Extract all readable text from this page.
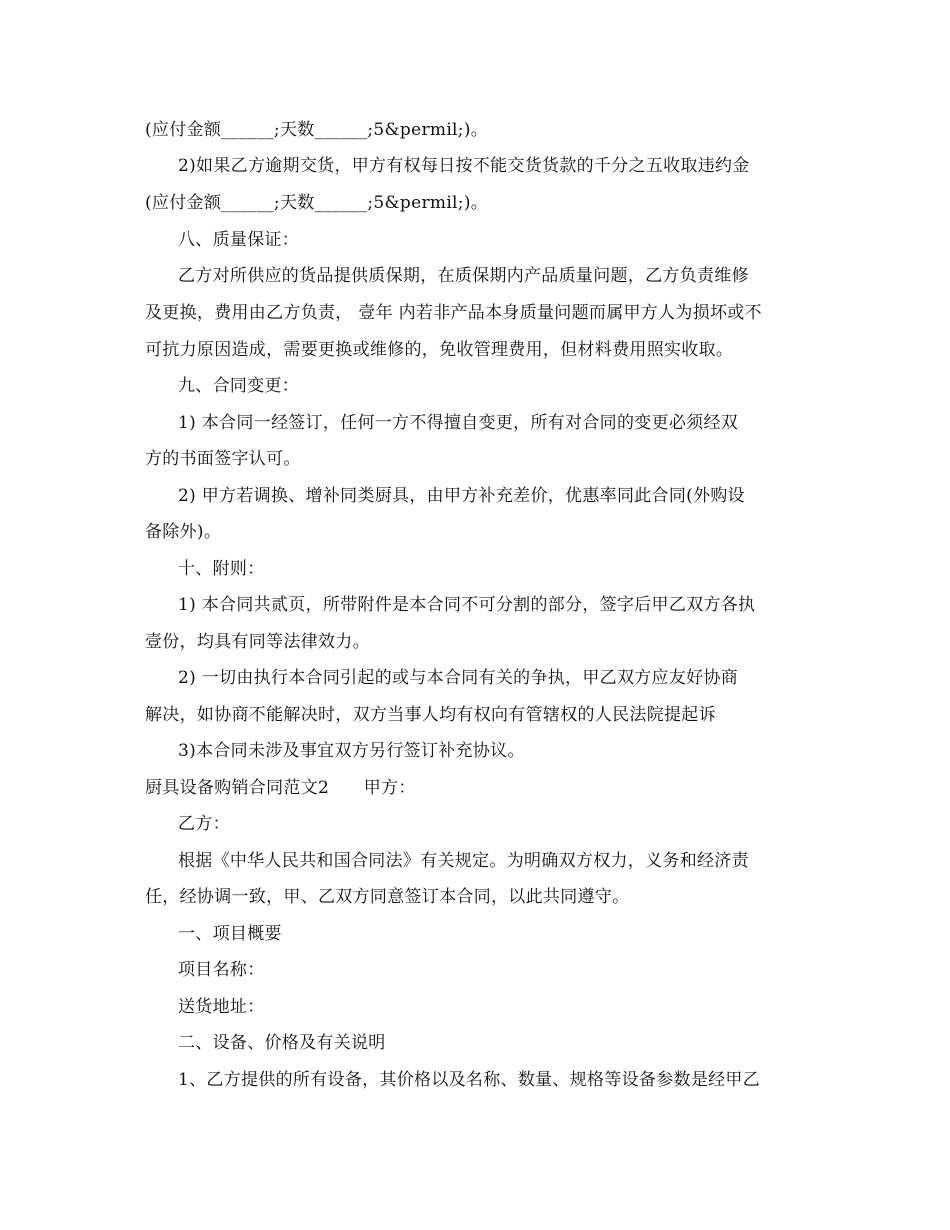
(应付金额______;天数______;5&permil;)。
2)如果乙方逾期交货，甲方有权每日按不能交货货款的千分之五收取违约金
(应付金额______;天数______;5&permil;)。
八、质量保证：
乙方对所供应的货品提供质保期，在质保期内产品质量问题，乙方负责维修
及更换，费用由乙方负责， 壹年 内若非产品本身质量问题而属甲方人为损坏或不
可抗力原因造成，需要更换或维修的，免收管理费用，但材料费用照实收取。
九、合同变更：
1) 本合同一经签订，任何一方不得擅自变更，所有对合同的变更必须经双
方的书面签字认可。
2) 甲方若调换、增补同类厨具，由甲方补充差价，优惠率同此合同(外购设
备除外)。
十、附则：
1) 本合同共贰页，所带附件是本合同不可分割的部分，签字后甲乙双方各执
壹份，均具有同等法律效力。
2) 一切由执行本合同引起的或与本合同有关的争执，甲乙双方应友好协商
解决，如协商不能解决时，双方当事人均有权向有管辖权的人民法院提起诉
3)本合同未涉及事宜双方另行签订补充协议。
厨具设备购销合同范文2　　甲方：
乙方：
根据《中华人民共和国合同法》有关规定。为明确双方权力，义务和经济责
任，经协调一致，甲、乙双方同意签订本合同，以此共同遵守。
一、项目概要
项目名称：
送货地址：
二、设备、价格及有关说明
1、乙方提供的所有设备，其价格以及名称、数量、规格等设备参数是经甲乙
